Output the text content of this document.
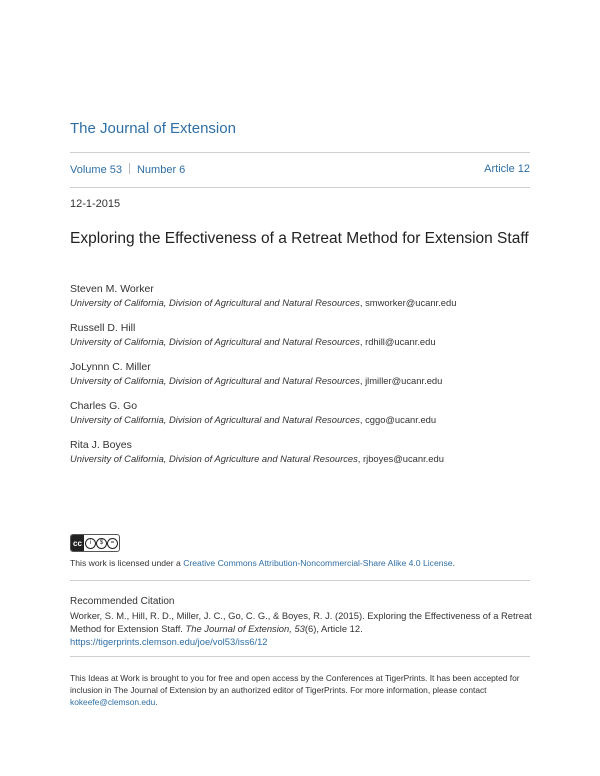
The Journal of Extension
Volume 53 Number 6	Article 12
12-1-2015
Exploring the Effectiveness of a Retreat Method for Extension Staff
Steven M. Worker
University of California, Division of Agricultural and Natural Resources, smworker@ucanr.edu
Russell D. Hill
University of California, Division of Agricultural and Natural Resources, rdhill@ucanr.edu
JoLynnn C. Miller
University of California, Division of Agricultural and Natural Resources, jlmiller@ucanr.edu
Charles G. Go
University of California, Division of Agricultural and Natural Resources, cggo@ucanr.edu
Rita J. Boyes
University of California, Division of Agriculture and Natural Resources, rjboyes@ucanr.edu
cc	i	$	=
This work is licensed under a Creative Commons Attribution-Noncommercial-Share Alike 4.0 License.
Recommended Citation
Worker, S. M., Hill, R. D., Miller, J. C., Go, C. G., & Boyes, R. J. (2015). Exploring the Effectiveness of a Retreat Method for Extension Staff. The Journal of Extension, 53(6), Article 12.
https://tigerprints.clemson.edu/joe/vol53/iss6/12
This Ideas at Work is brought to you for free and open access by the Conferences at TigerPrints. It has been accepted for inclusion in The Journal of Extension by an authorized editor of TigerPrints. For more information, please contact kokeefe@clemson.edu.
